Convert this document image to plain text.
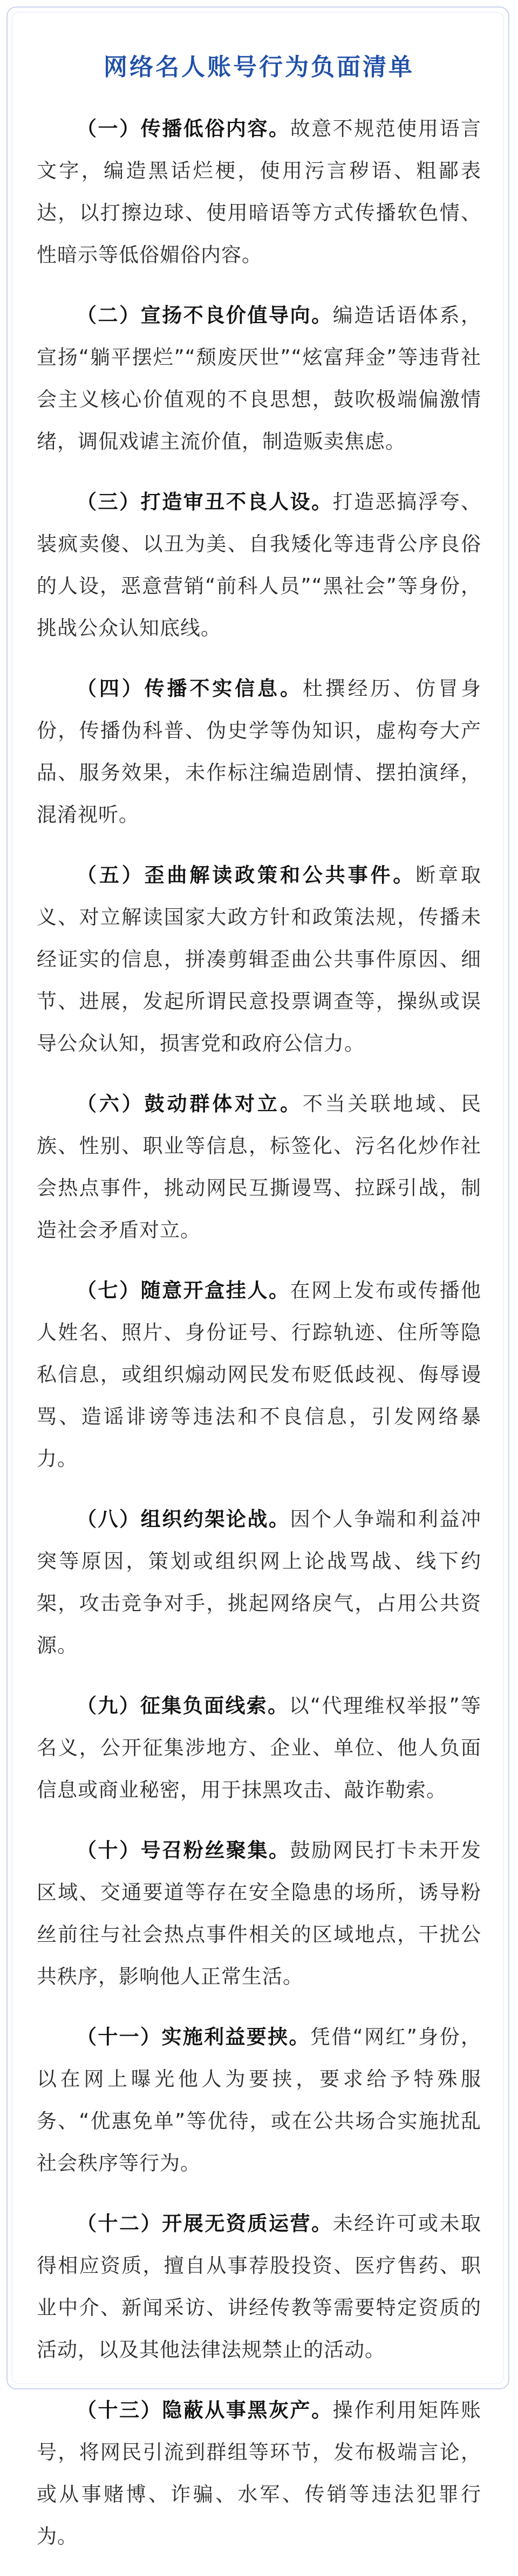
网络名人账号行为负面清单

（一）传播低俗内容。故意不规范使用语言文字，编造黑话烂梗，使用污言秽语、粗鄙表达，以打擦边球、使用暗语等方式传播软色情、性暗示等低俗媚俗内容。

（二）宣扬不良价值导向。编造话语体系，宣扬“躺平摆烂”“颓废厌世”“炫富拜金”等违背社会主义核心价值观的不良思想，鼓吹极端偏激情绪，调侃戏谑主流价值，制造贩卖焦虑。

（三）打造审丑不良人设。打造恶搞浮夸、装疯卖傻、以丑为美、自我矮化等违背公序良俗的人设，恶意营销“前科人员”“黑社会”等身份，挑战公众认知底线。

（四）传播不实信息。杜撰经历、仿冒身份，传播伪科普、伪史学等伪知识，虚构夸大产品、服务效果，未作标注编造剧情、摆拍演绎，混淆视听。

（五）歪曲解读政策和公共事件。断章取义、对立解读国家大政方针和政策法规，传播未经证实的信息，拼凑剪辑歪曲公共事件原因、细节、进展，发起所谓民意投票调查等，操纵或误导公众认知，损害党和政府公信力。

（六）鼓动群体对立。不当关联地域、民族、性别、职业等信息，标签化、污名化炒作社会热点事件，挑动网民互撕谩骂、拉踩引战，制造社会矛盾对立。

（七）随意开盒挂人。在网上发布或传播他人姓名、照片、身份证号、行踪轨迹、住所等隐私信息，或组织煽动网民发布贬低歧视、侮辱谩骂、造谣诽谤等违法和不良信息，引发网络暴力。

（八）组织约架论战。因个人争端和利益冲突等原因，策划或组织网上论战骂战、线下约架，攻击竞争对手，挑起网络戾气，占用公共资源。

（九）征集负面线索。以“代理维权举报”等名义，公开征集涉地方、企业、单位、他人负面信息或商业秘密，用于抹黑攻击、敲诈勒索。

（十）号召粉丝聚集。鼓励网民打卡未开发区域、交通要道等存在安全隐患的场所，诱导粉丝前往与社会热点事件相关的区域地点，干扰公共秩序，影响他人正常生活。

（十一）实施利益要挟。凭借“网红”身份，以在网上曝光他人为要挟，要求给予特殊服务、“优惠免单”等优待，或在公共场合实施扰乱社会秩序等行为。

（十二）开展无资质运营。未经许可或未取得相应资质，擅自从事荐股投资、医疗售药、职业中介、新闻采访、讲经传教等需要特定资质的活动，以及其他法律法规禁止的活动。

（十三）隐蔽从事黑灰产。操作利用矩阵账号，将网民引流到群组等环节，发布极端言论，或从事赌博、诈骗、水军、传销等违法犯罪行为。
